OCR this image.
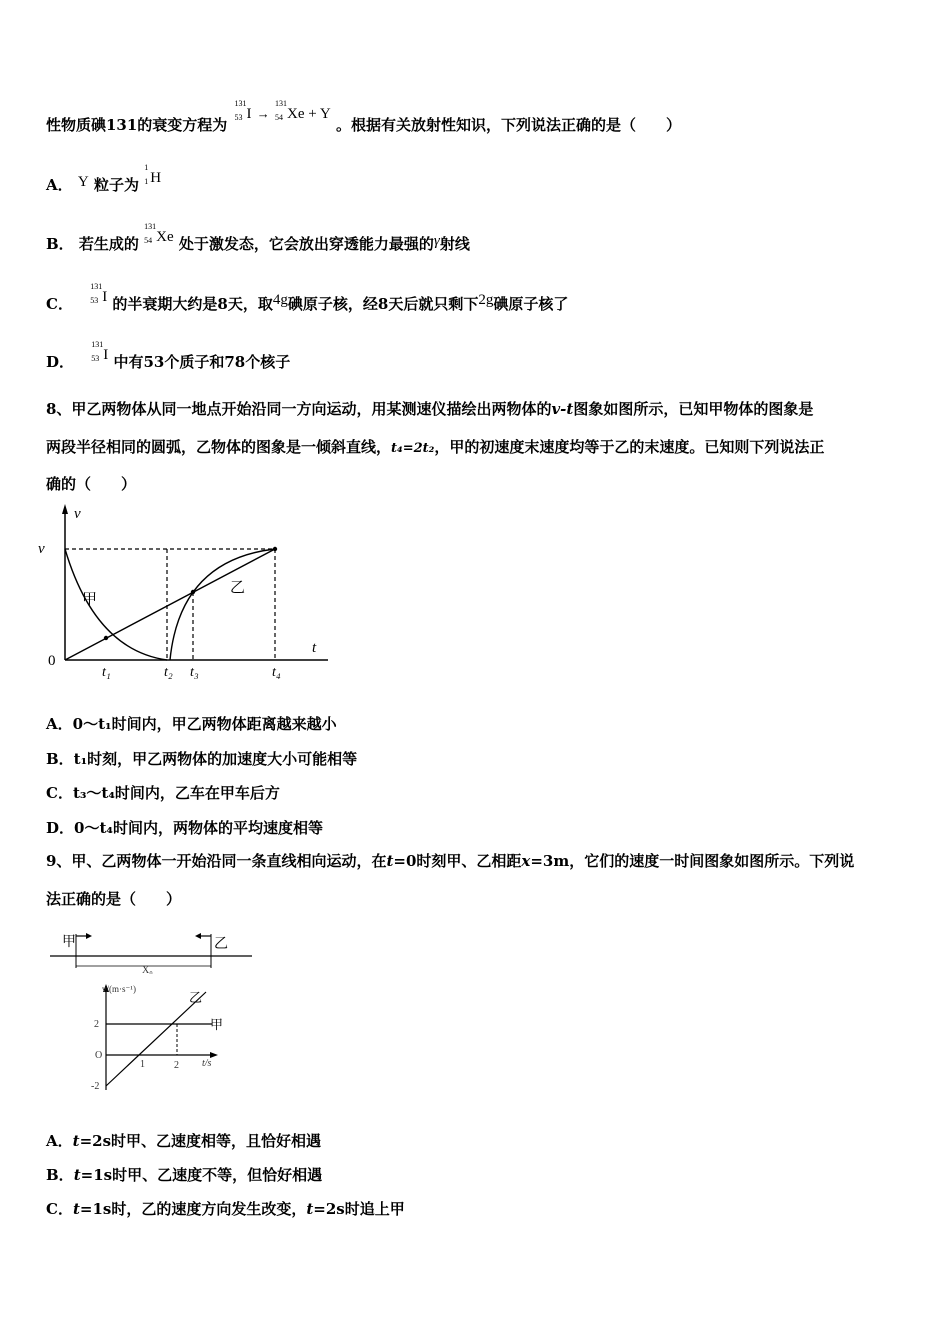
性物质碘131的衰变方程为
131
53 I →
131
54 Xe + Y 。根据有关放射性知识，下列说法正确的是（　　）
A． Y 粒子为
1
1 H
B． 若生成的
131
54 Xe 处于激发态，它会放出穿透能力最强的γ射线
C．
131
53 I 的半衰期大约是8天，取4g碘原子核，经8天后就只剩下2g碘原子核了
D．
131
53 I 中有53个质子和78个核子
8、甲乙两物体从同一地点开始沿同一方向运动，用某测速仪描绘出两物体的v-t图象如图所示，已知甲物体的图象是
两段半径相同的圆弧，乙物体的图象是一倾斜直线，t₄=2t₂，甲的初速度末速度均等于乙的末速度。已知则下列说法正
确的（　　）
v
v
0
t
甲
乙
t₁	t₂ t₃	t₄
A．0～t₁时间内，甲乙两物体距离越来越小
B．t₁时刻，甲乙两物体的加速度大小可能相等
C．t₃～t₄时间内，乙车在甲车后方
D．0～t₄时间内，两物体的平均速度相等
9、甲、乙两物体一开始沿同一条直线相向运动，在t=0时刻甲、乙相距x=3m，它们的速度一时间图象如图所示。下列说
法正确的是（　　）
甲	乙
X₀
v/(m·s⁻¹)
乙
甲
2
O
-2
1	2 t/s
A．t=2s时甲、乙速度相等，且恰好相遇
B．t=1s时甲、乙速度不等，但恰好相遇
C．t=1s时，乙的速度方向发生改变，t=2s时追上甲
